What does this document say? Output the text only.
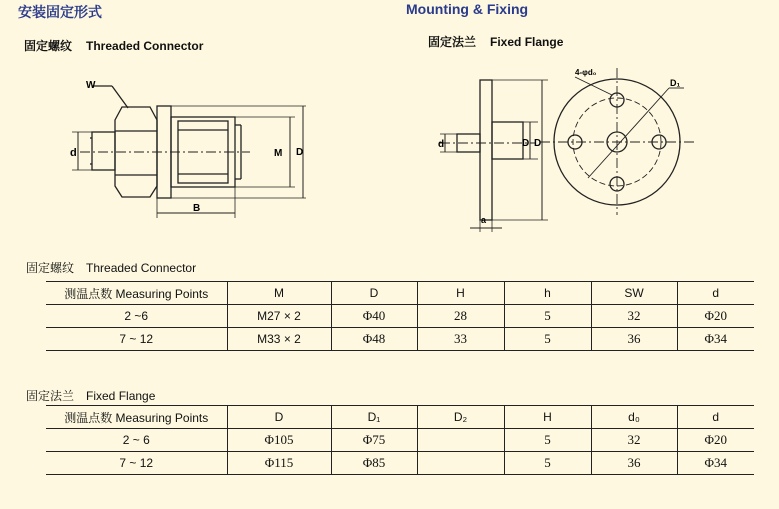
安装固定形式	Mounting & Fixing
固定螺纹 Threaded Connector	固定法兰 Fixed Flange
W
d	M D
B
d	D D
a
4-φd₀
D₁
固定螺纹 Threaded Connector
测温点数 Measuring Points	M	D	H	h	SW	d
2 ~6	M27 × 2	Φ40	28	5	32	Φ20
7 ~ 12	M33 × 2	Φ48	33	5	36	Φ34
固定法兰 Fixed Flange
测温点数 Measuring Points	D	D₁	D₂	H	d₀	d
2 ~ 6	Φ105	Φ75		5	32	Φ20
7 ~ 12	Φ115	Φ85		5	36	Φ34
